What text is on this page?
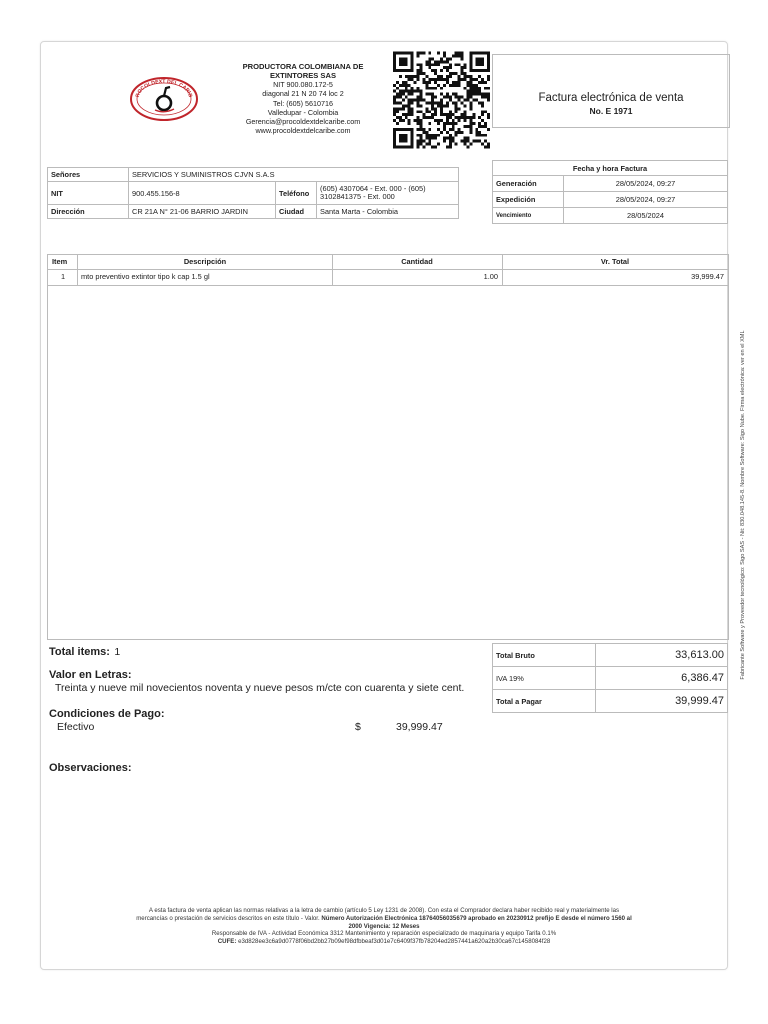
ROCOLDEXT DEL CARIB
PRODUCTORA COLOMBIANA DE
EXTINTORES SAS
NIT 900.080.172-5
diagonal 21 N 20 74 loc 2
Tel: (605) 5610716
Valledupar - Colombia
Gerencia@procoldextdelcaribe.com
www.procoldextdelcaribe.com
Factura electrónica de venta
No. E 1971
Señores	SERVICIOS Y SUMINISTROS CJVN S.A.S		
NIT	900.455.156-8	Teléfono	(605) 4307064 - Ext. 000 - (605) 3102841375 - Ext. 000
Dirección	CR 21A N° 21-06 BARRIO JARDIN	Ciudad	Santa Marta - Colombia
Fecha y hora Factura	
Generación	28/05/2024, 09:27
Expedición	28/05/2024, 09:27
Vencimiento	28/05/2024
Item	Descripción	Cantidad	Vr. Total
1	mto preventivo extintor tipo k cap 1.5 gl	1.00	39,999.47
Total items: 1
Valor en Letras:
Treinta y nueve mil novecientos noventa y nueve pesos m/cte con cuarenta y siete cent.
Condiciones de Pago:
Efectivo	$	39,999.47
Observaciones:
Total Bruto	33,613.00
IVA 19%	6,386.47
Total a Pagar	39,999.47
A esta factura de venta aplican las normas relativas a la letra de cambio (artículo 5 Ley 1231 de 2008). Con esta el Comprador declara haber recibido real y materialmente las
mercancías o prestación de servicios descritos en este título - Valor. Número Autorización Electrónica 18764056035679 aprobado en 20230912 prefijo E desde el número 1560 al
2000 Vigencia: 12 Meses
Responsable de IVA - Actividad Económica 3312 Mantenimiento y reparación especializado de maquinaria y equipo Tarifa 0.1%
CUFE: e3d828ee3c6a9d0778f06bd2bb27b09ef98dfbbeaf3d01e7c6409f37fb78204ed2857441a620a2b30ca67c1458084f28
Fabricante Software y Proveedor tecnológico: Sigo SAS - Nit: 830.048.145-8. Nombre Software: Sigo Nube. Firma electrónica: ver en el XML
